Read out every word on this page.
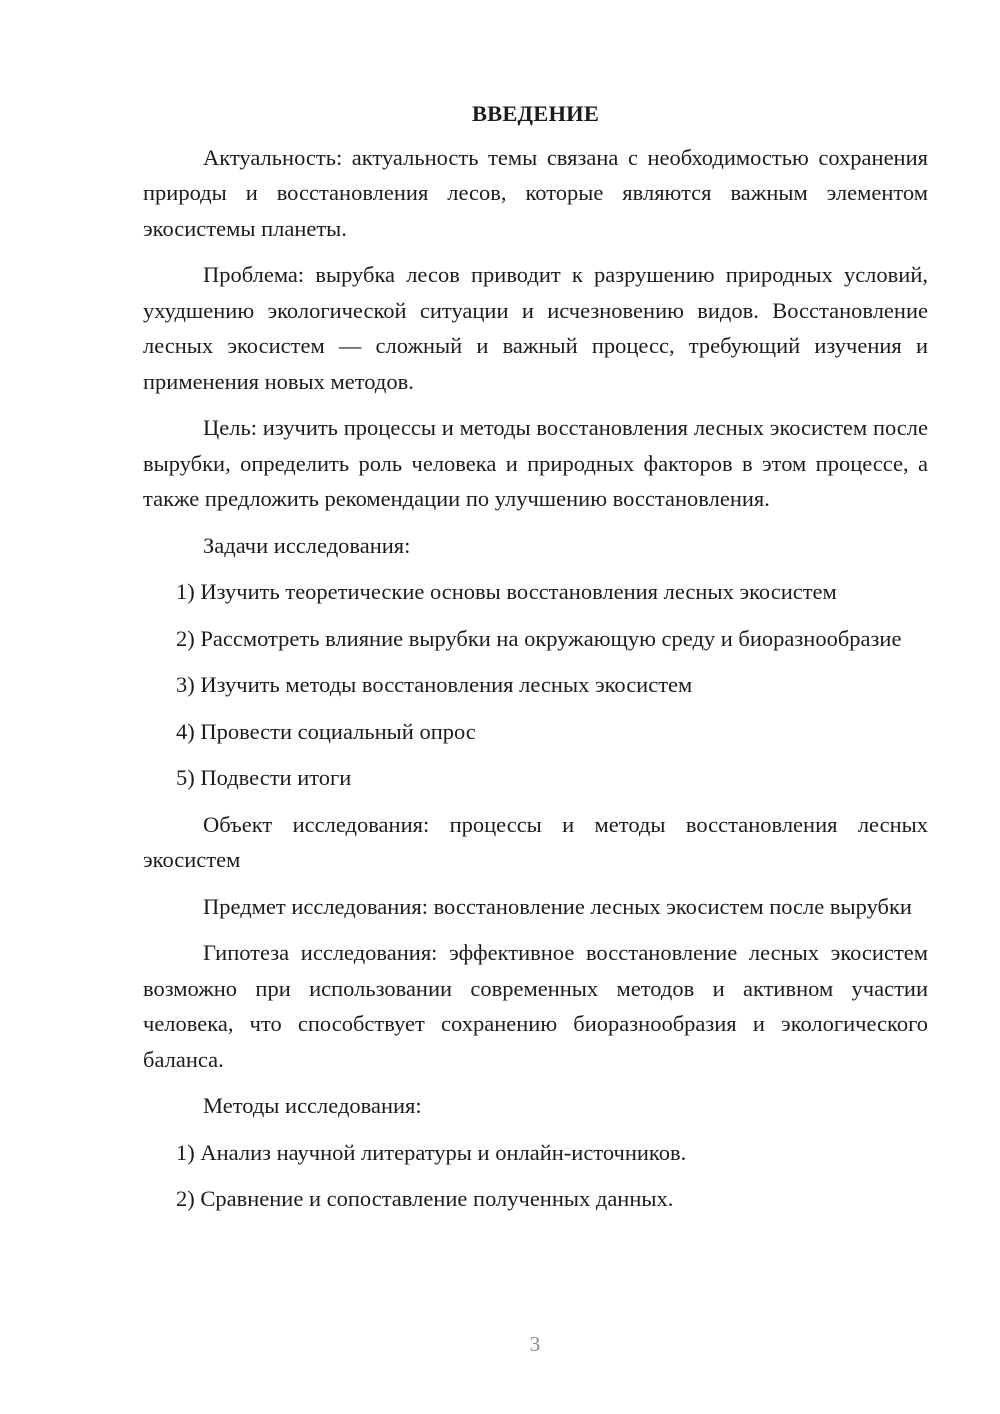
ВВЕДЕНИЕ

Актуальность: актуальность темы связана с необходимостью сохранения природы и восстановления лесов, которые являются важным элементом экосистемы планеты.

Проблема: вырубка лесов приводит к разрушению природных условий, ухудшению экологической ситуации и исчезновению видов. Восстановление лесных экосистем — сложный и важный процесс, требующий изучения и применения новых методов.

Цель: изучить процессы и методы восстановления лесных экосистем после вырубки, определить роль человека и природных факторов в этом процессе, а также предложить рекомендации по улучшению восстановления.

Задачи исследования:

1) Изучить теоретические основы восстановления лесных экосистем

2) Рассмотреть влияние вырубки на окружающую среду и биоразнообразие

3) Изучить методы восстановления лесных экосистем

4) Провести социальный опрос

5) Подвести итоги

Объект исследования: процессы и методы восстановления лесных экосистем

Предмет исследования: восстановление лесных экосистем после вырубки

Гипотеза исследования: эффективное восстановление лесных экосистем возможно при использовании современных методов и активном участии человека, что способствует сохранению биоразнообразия и экологического баланса.

Методы исследования:

1) Анализ научной литературы и онлайн-источников.

2) Сравнение и сопоставление полученных данных.

3
